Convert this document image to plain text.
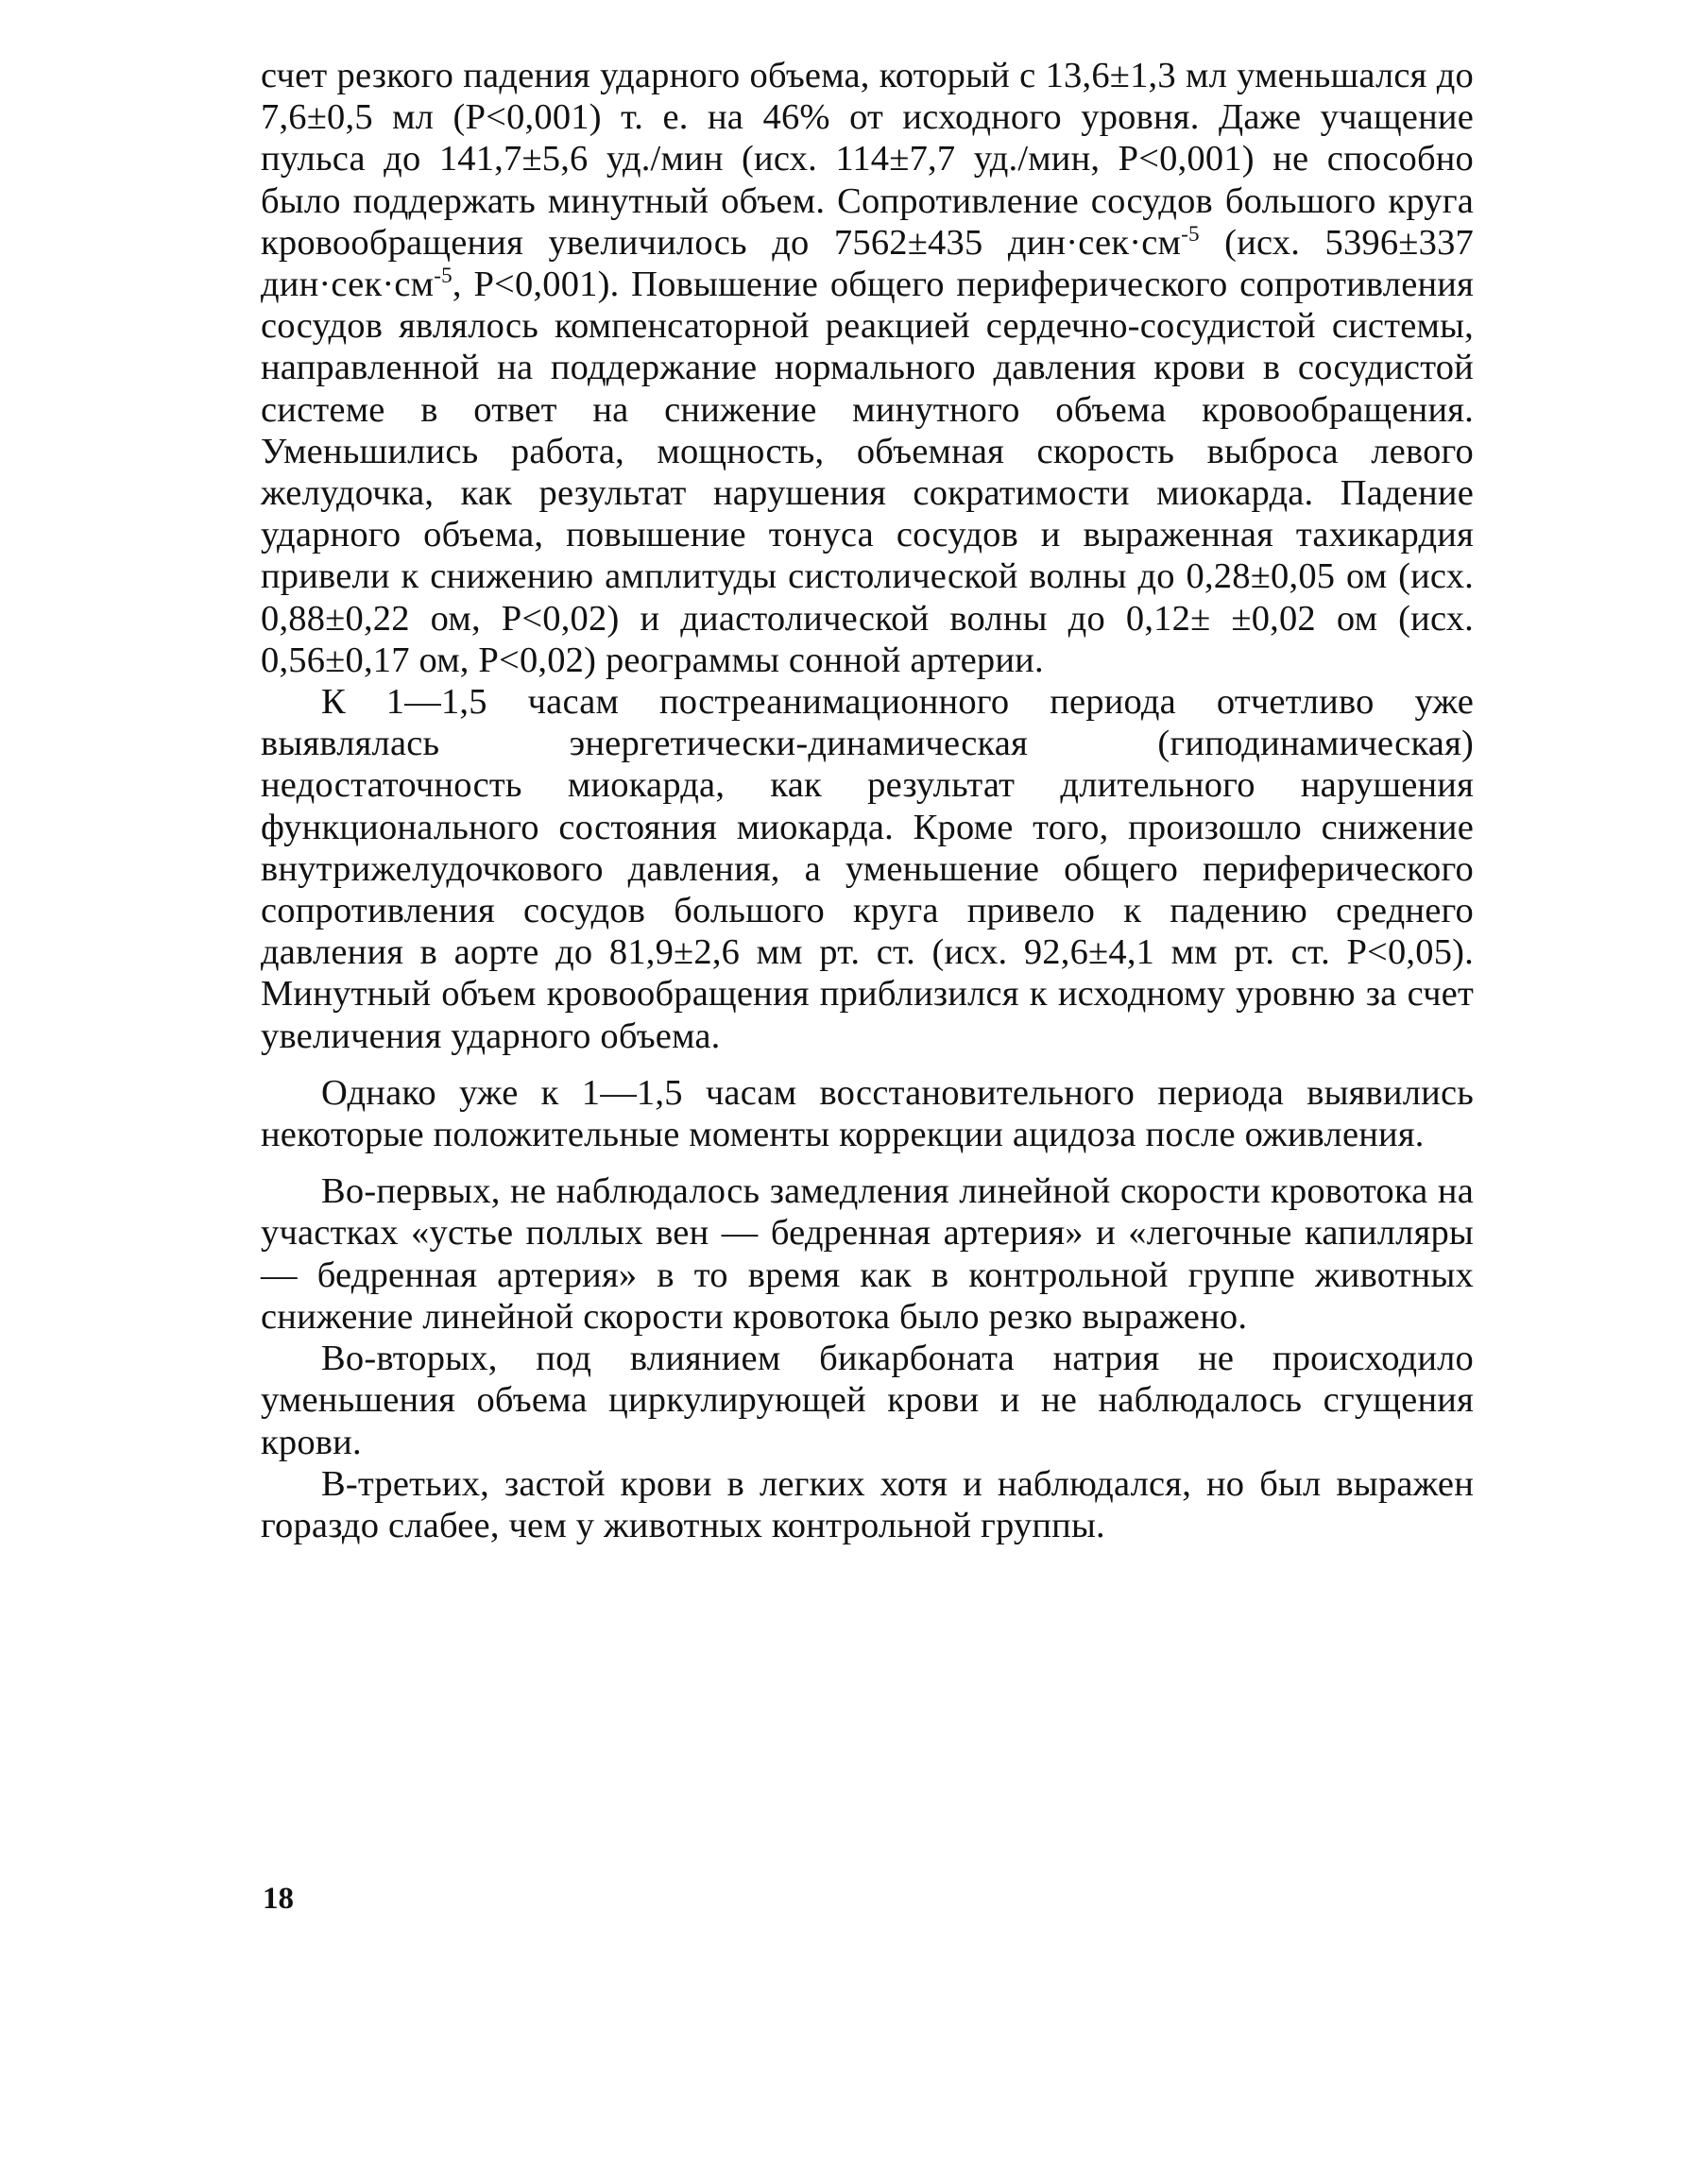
счет резкого падения ударного объема, который с 13,6±1,3 мл уменьшался до 7,6±0,5 мл (P<0,001) т. е. на 46% от исходного уровня. Даже учащение пульса до 141,7±5,6 уд./мин (исх. 114±7,7 уд./мин, P<0,001) не способно было поддержать минутный объем. Сопротивление сосудов большого круга кровообращения увеличилось до 7562±435 $дин\cdot сек\cdot см^{-5}$ (исх. 5396±337 $дин\cdot сек\cdot см^{-5}$, P<0,001). Повышение общего периферического сопротивления сосудов являлось компенсаторной реакцией сердечно-сосудистой системы, направленной на поддержание нормального давления крови в сосудистой системе в ответ на снижение минутного объема кровообращения. Уменьшились работа, мощность, объемная скорость выброса левого желудочка, как результат нарушения сократимости миокарда. Падение ударного объема, повышение тонуса сосудов и выраженная тахикардия привели к снижению амплитуды систолической волны до 0,28±0,05 ом (исх. 0,88±0,22 ом, P<0,02) и диастолической волны до 0,12± ±0,02 ом (исх. 0,56±0,17 ом, P<0,02) реограммы сонной артерии.

К 1—1,5 часам постреанимационного периода отчетливо уже выявлялась энергетически-динамическая (гиподинамическая) недостаточность миокарда, как результат длительного нарушения функционального состояния миокарда. Кроме того, произошло снижение внутрижелудочкового давления, а уменьшение общего периферического сопротивления сосудов большого круга привело к падению среднего давления в аорте до 81,9±2,6 мм рт. ст. (исх. 92,6±4,1 мм рт. ст. P<0,05). Минутный объем кровообращения приблизился к исходному уровню за счет увеличения ударного объема.

Однако уже к 1—1,5 часам восстановительного периода выявились некоторые положительные моменты коррекции ацидоза после оживления.

Во-первых, не наблюдалось замедления линейной скорости кровотока на участках «устье поллых вен — бедренная артерия» и «легочные капилляры — бедренная артерия» в то время как в контрольной группе животных снижение линейной скорости кровотока было резко выражено.

Во-вторых, под влиянием бикарбоната натрия не происходило уменьшения объема циркулирующей крови и не наблюдалось сгущения крови.

В-третьих, застой крови в легких хотя и наблюдался, но был выражен гораздо слабее, чем у животных контрольной группы.

18
